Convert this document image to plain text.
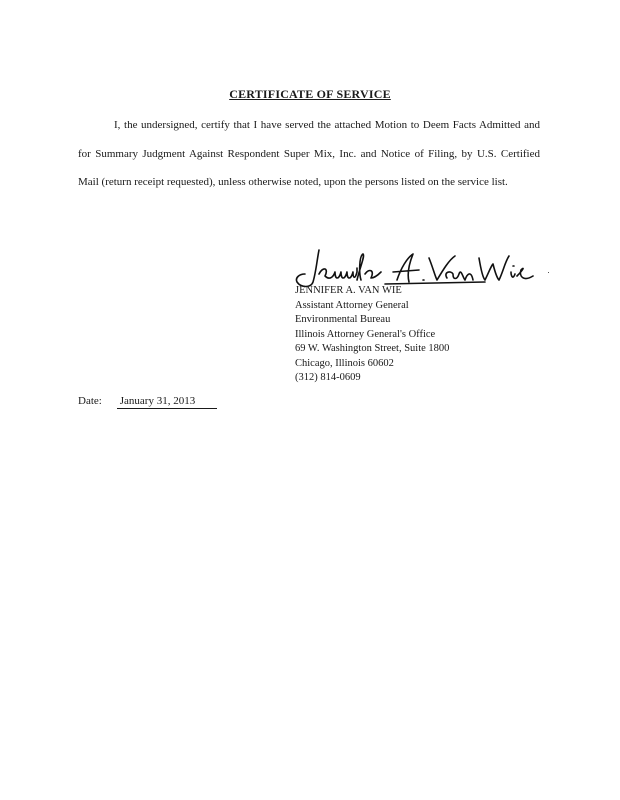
CERTIFICATE OF SERVICE

I, the undersigned, certify that I have served the attached Motion to Deem Facts Admitted and for Summary Judgment Against Respondent Super Mix, Inc. and Notice of Filing, by U.S. Certified Mail (return receipt requested), unless otherwise noted, upon the persons listed on the service list.

JENNIFER A. VAN WIE
Assistant Attorney General
Environmental Bureau
Illinois Attorney General's Office
69 W. Washington Street, Suite 1800
Chicago, Illinois 60602
(312) 814-0609
Date: January 31, 2013
